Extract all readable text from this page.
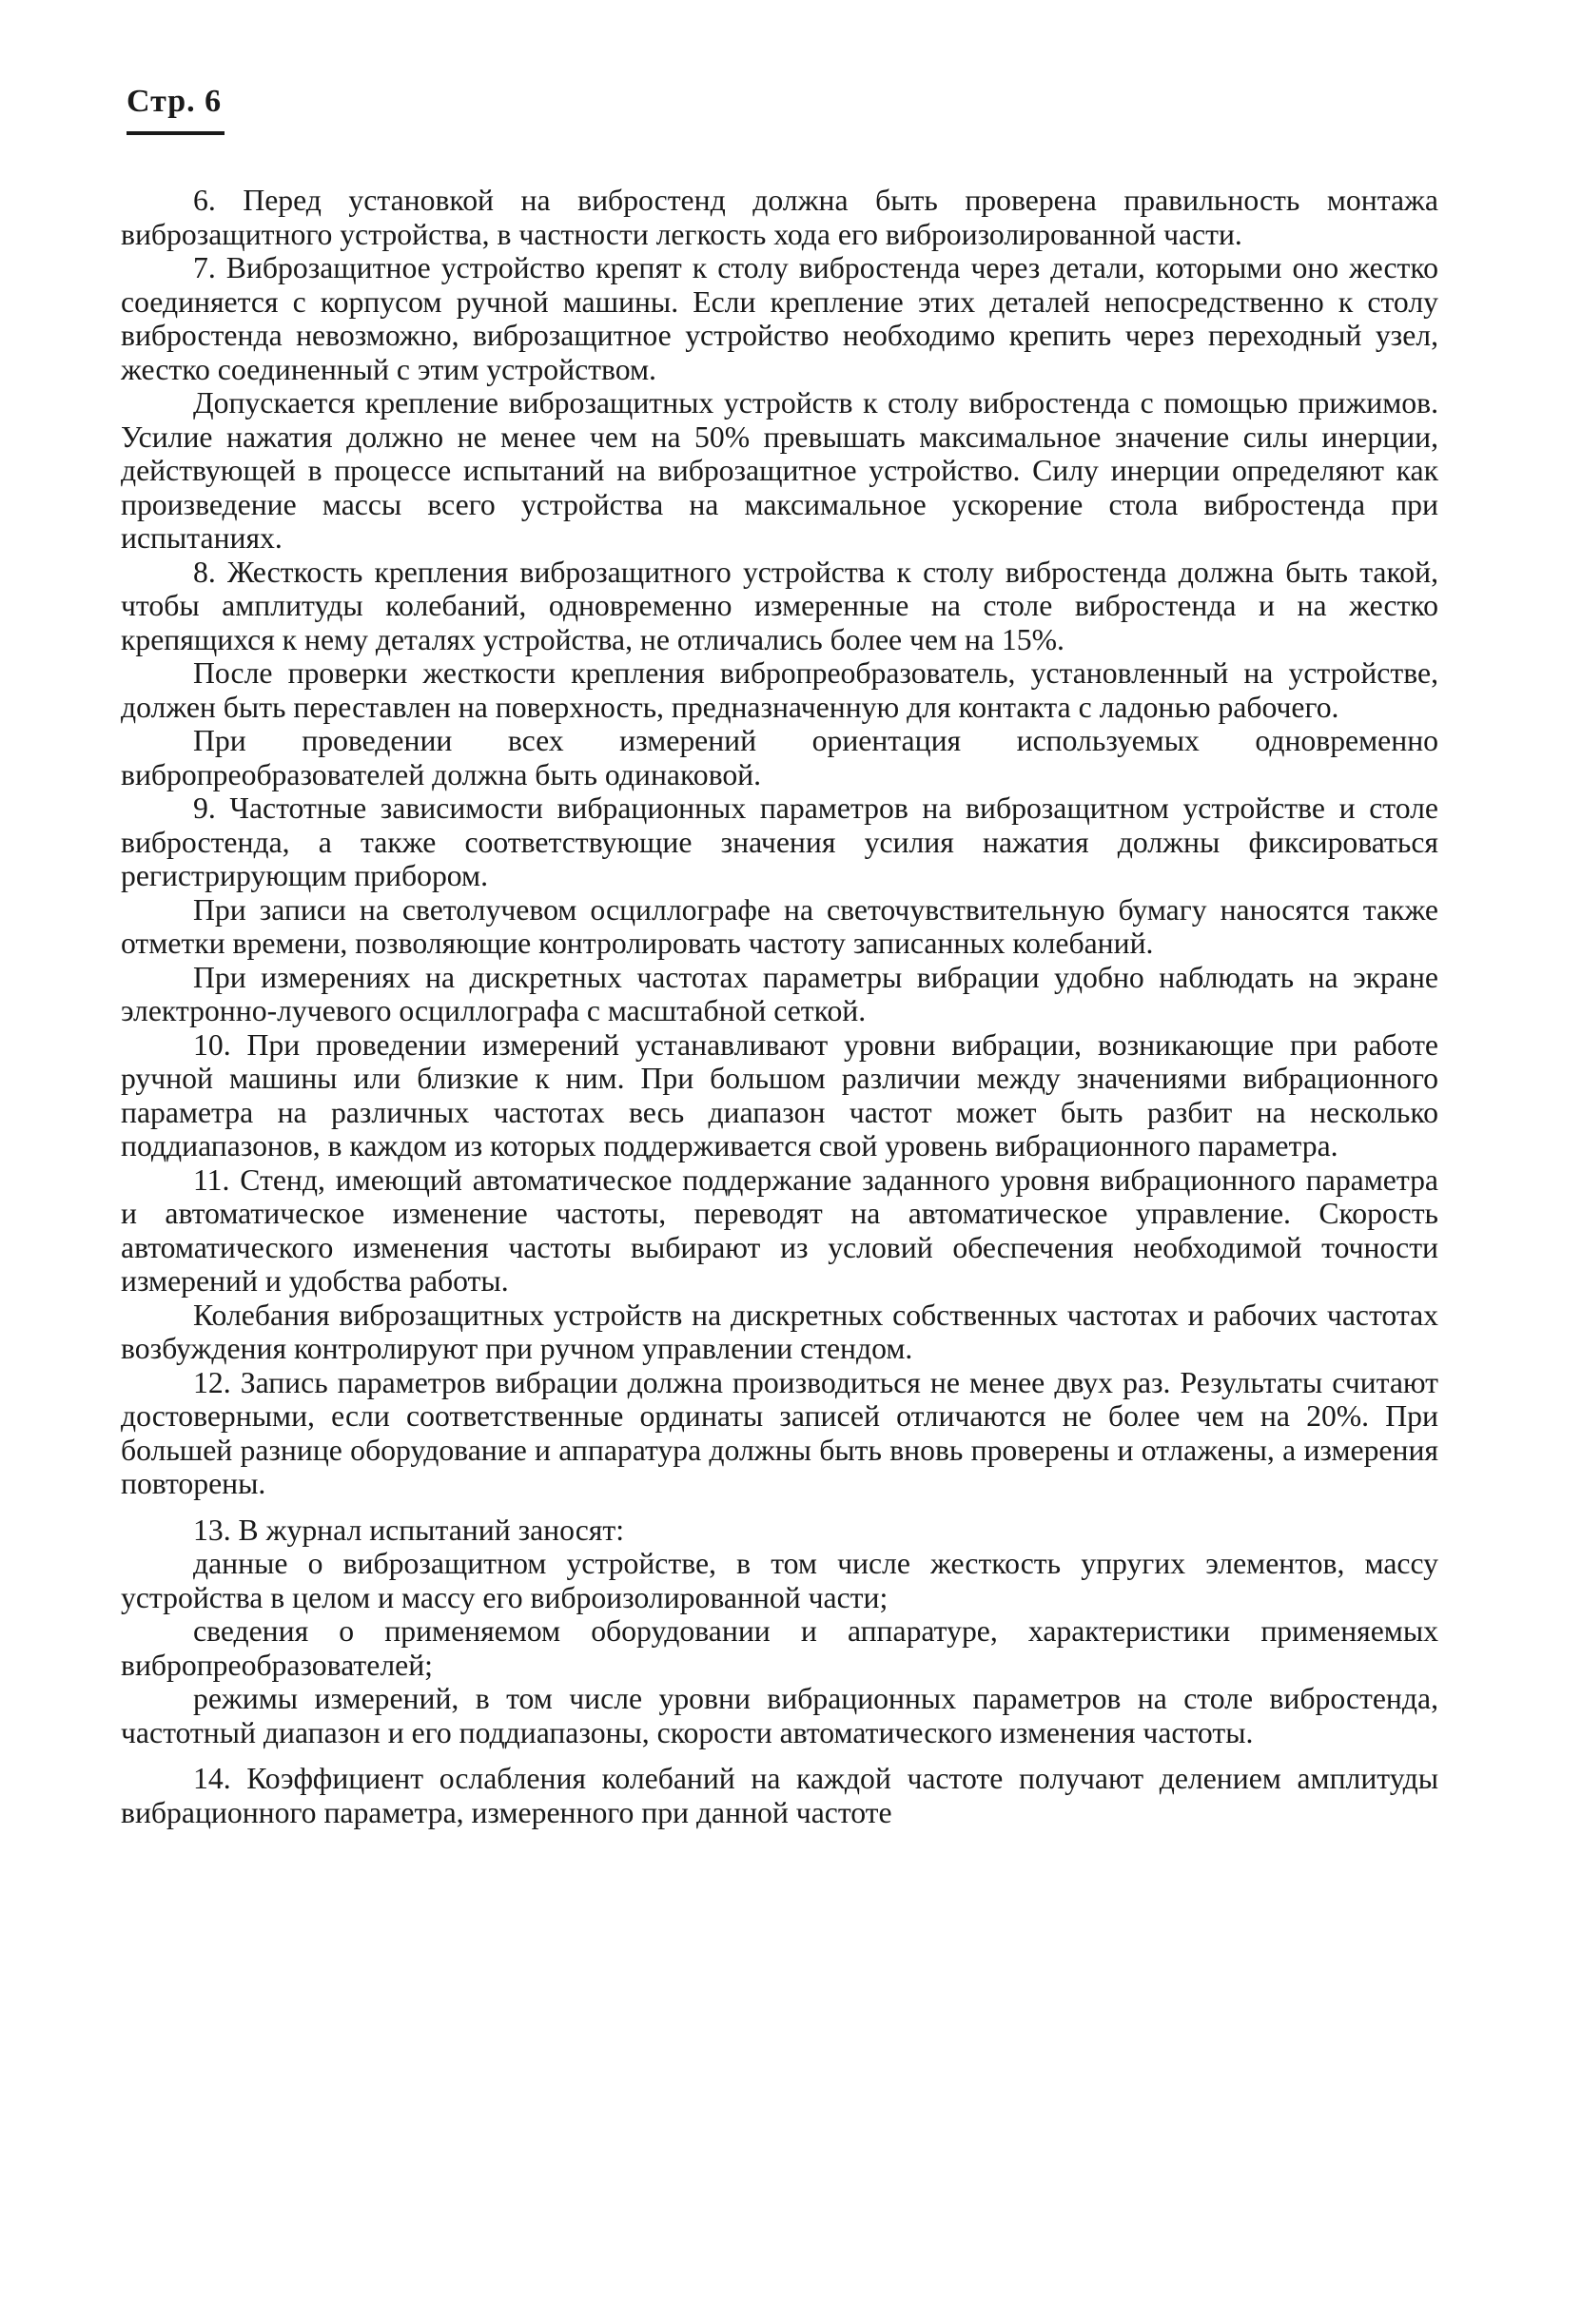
Стр. 6

6. Перед установкой на вибростенд должна быть проверена правильность монтажа виброзащитного устройства, в частности легкость хода его виброизолированной части.

7. Виброзащитное устройство крепят к столу вибростенда через детали, которыми оно жестко соединяется с корпусом ручной машины. Если крепление этих деталей непосредственно к столу вибростенда невозможно, виброзащитное устройство необходимо крепить через переходный узел, жестко соединенный с этим устройством.

Допускается крепление виброзащитных устройств к столу вибростенда с помощью прижимов. Усилие нажатия должно не менее чем на 50% превышать максимальное значение силы инерции, действующей в процессе испытаний на виброзащитное устройство. Силу инерции определяют как произведение массы всего устройства на максимальное ускорение стола вибростенда при испытаниях.

8. Жесткость крепления виброзащитного устройства к столу вибростенда должна быть такой, чтобы амплитуды колебаний, одновременно измеренные на столе вибростенда и на жестко крепящихся к нему деталях устройства, не отличались более чем на 15%.

После проверки жесткости крепления вибропреобразователь, установленный на устройстве, должен быть переставлен на поверхность, предназначенную для контакта с ладонью рабочего.

При проведении всех измерений ориентация используемых одновременно вибропреобразователей должна быть одинаковой.

9. Частотные зависимости вибрационных параметров на виброзащитном устройстве и столе вибростенда, а также соответствующие значения усилия нажатия должны фиксироваться регистрирующим прибором.

При записи на светолучевом осциллографе на светочувствительную бумагу наносятся также отметки времени, позволяющие контролировать частоту записанных колебаний.

При измерениях на дискретных частотах параметры вибрации удобно наблюдать на экране электронно-лучевого осциллографа с масштабной сеткой.

10. При проведении измерений устанавливают уровни вибрации, возникающие при работе ручной машины или близкие к ним. При большом различии между значениями вибрационного параметра на различных частотах весь диапазон частот может быть разбит на несколько поддиапазонов, в каждом из которых поддерживается свой уровень вибрационного параметра.

11. Стенд, имеющий автоматическое поддержание заданного уровня вибрационного параметра и автоматическое изменение частоты, переводят на автоматическое управление. Скорость автоматического изменения частоты выбирают из условий обеспечения необходимой точности измерений и удобства работы.

Колебания виброзащитных устройств на дискретных собственных частотах и рабочих частотах возбуждения контролируют при ручном управлении стендом.

12. Запись параметров вибрации должна производиться не менее двух раз. Результаты считают достоверными, если соответственные ординаты записей отличаются не более чем на 20%. При большей разнице оборудование и аппаратура должны быть вновь проверены и отлажены, а измерения повторены.

13. В журнал испытаний заносят:

данные о виброзащитном устройстве, в том числе жесткость упругих элементов, массу устройства в целом и массу его виброизолированной части;

сведения о применяемом оборудовании и аппаратуре, характеристики применяемых вибропреобразователей;

режимы измерений, в том числе уровни вибрационных параметров на столе вибростенда, частотный диапазон и его поддиапазоны, скорости автоматического изменения частоты.

14. Коэффициент ослабления колебаний на каждой частоте получают делением амплитуды вибрационного параметра, измеренного при данной частоте
